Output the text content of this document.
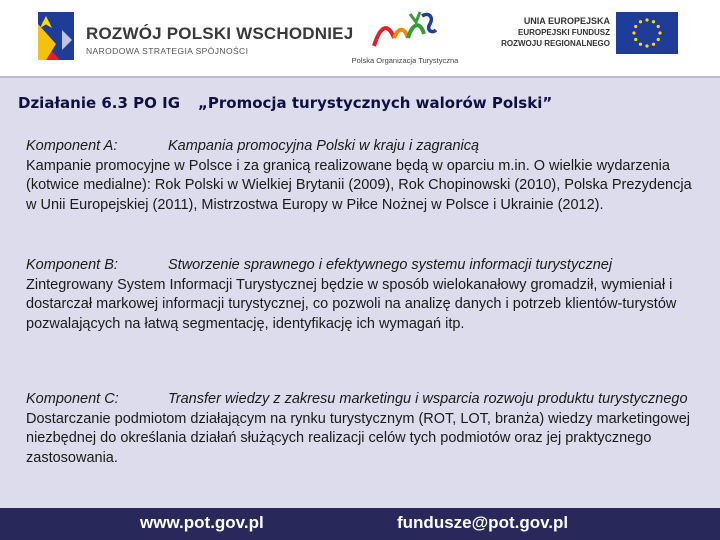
ROZWÓJ POLSKI WSCHODNIEJ
NARODOWA STRATEGIA SPÓJNOŚCI
Polska Organizacja Turystyczna
UNIA EUROPEJSKA
EUROPEJSKI FUNDUSZ
ROZWOJU REGIONALNEGO
Działanie 6.3 PO IG „Promocja turystycznych walorów Polski”
Komponent A:	Kampania promocyjna Polski w kraju i zagranicą
Kampanie promocyjne w Polsce i za granicą realizowane będą w oparciu m.in. O wielkie wydarzenia (kotwice medialne): Rok Polski w Wielkiej Brytanii (2009), Rok Chopinowski (2010), Polska Prezydencja w Unii Europejskiej (2011), Mistrzostwa Europy w Piłce Nożnej w Polsce i Ukrainie (2012).
Komponent B:	Stworzenie sprawnego i efektywnego systemu informacji turystycznej
Zintegrowany System Informacji Turystycznej będzie w sposób wielokanałowy gromadził, wymieniał i dostarczał markowej informacji turystycznej, co pozwoli na analizę danych i potrzeb klientów-turystów pozwalających na łatwą segmentację, identyfikację ich wymagań itp.
Komponent C:	Transfer wiedzy z zakresu marketingu i wsparcia rozwoju produktu turystycznego
Dostarczanie podmiotom działającym na rynku turystycznym (ROT, LOT, branża) wiedzy marketingowej niezbędnej do określania działań służących realizacji celów tych podmiotów oraz jej praktycznego zastosowania.
www.pot.gov.pl	fundusze@pot.gov.pl
